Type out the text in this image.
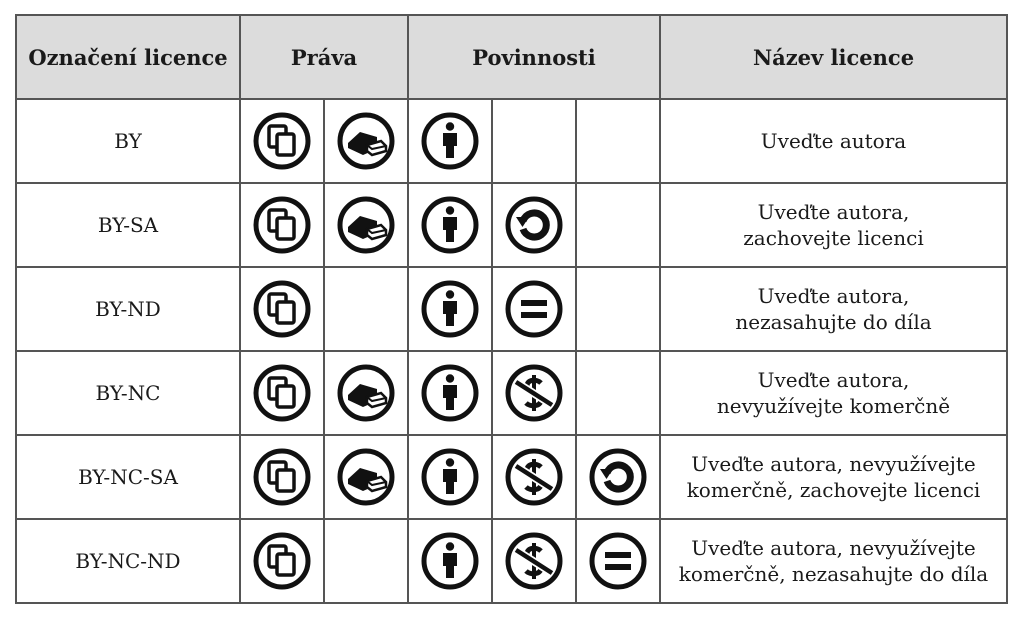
Označení licence	Práva		Povinnosti			Název licence
BY						Uveďte autora

BY-SA						Uveďte autora,
zachovejte licenci

BY-ND						Uveďte autora,
nezasahujte do díla

BY-NC						Uveďte autora,
nevyužívejte komerčně

BY-NC-SA						Uveďte autora, nevyužívejte
komerčně, zachovejte licenci

BY-NC-ND						Uveďte autora, nevyužívejte
komerčně, nezasahujte do díla
